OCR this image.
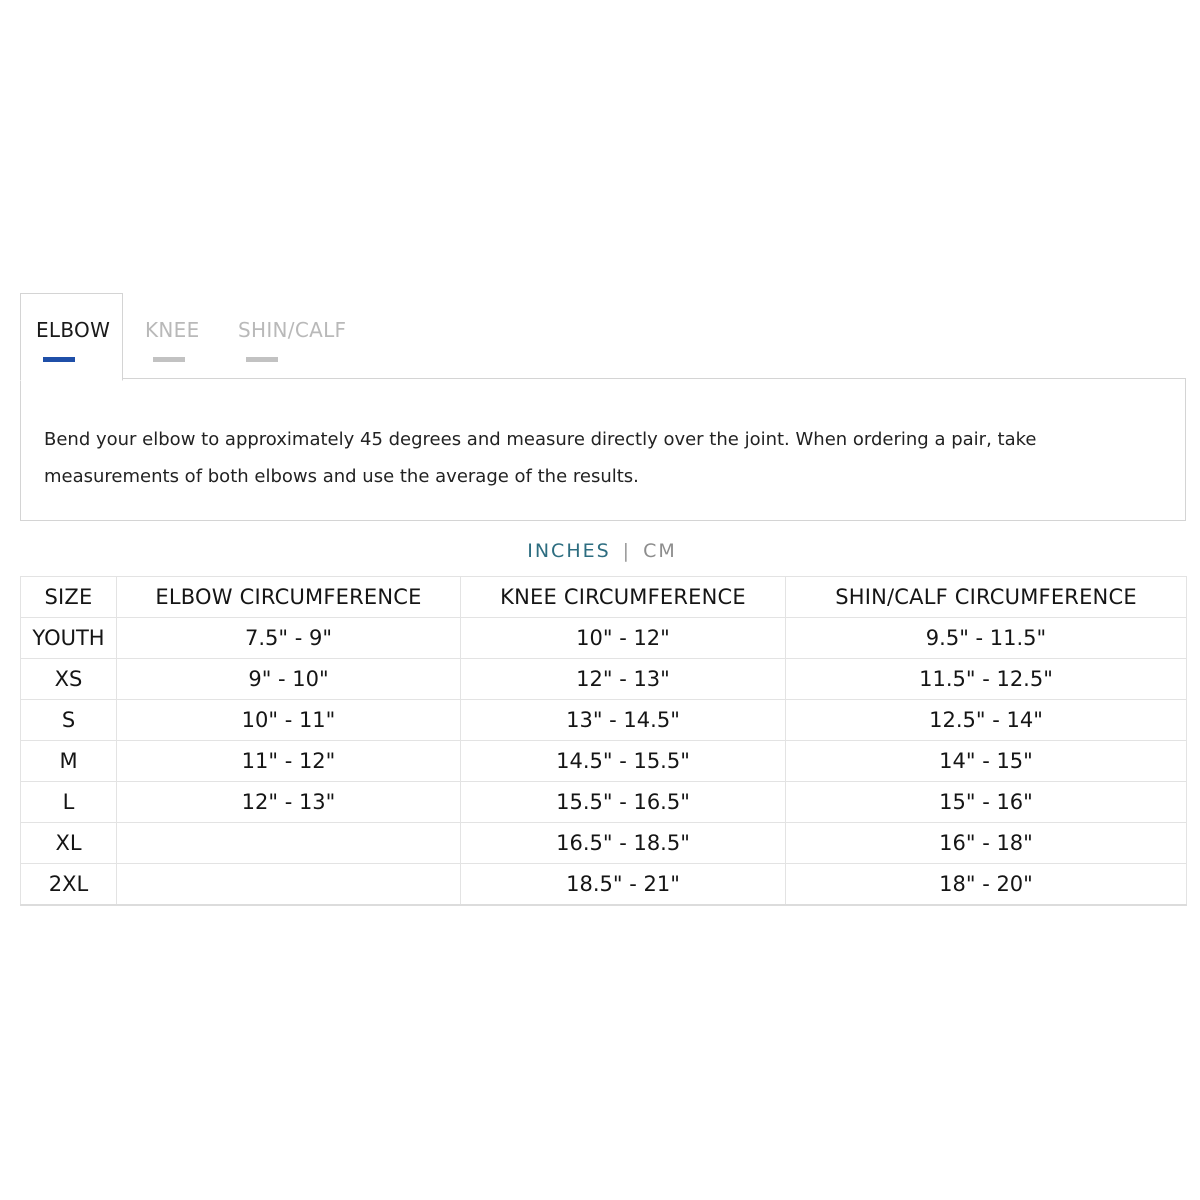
ELBOW KNEE SHIN/CALF

Bend your elbow to approximately 45 degrees and measure directly over the joint. When ordering a pair, take measurements of both elbows and use the average of the results.

INCHES | CM
SIZE	ELBOW CIRCUMFERENCE	KNEE CIRCUMFERENCE	SHIN/CALF CIRCUMFERENCE
YOUTH	7.5" - 9"	10" - 12"	9.5" - 11.5"
XS	9" - 10"	12" - 13"	11.5" - 12.5"
S	10" - 11"	13" - 14.5"	12.5" - 14"
M	11" - 12"	14.5" - 15.5"	14" - 15"
L	12" - 13"	15.5" - 16.5"	15" - 16"
XL		16.5" - 18.5"	16" - 18"
2XL		18.5" - 21"	18" - 20"
